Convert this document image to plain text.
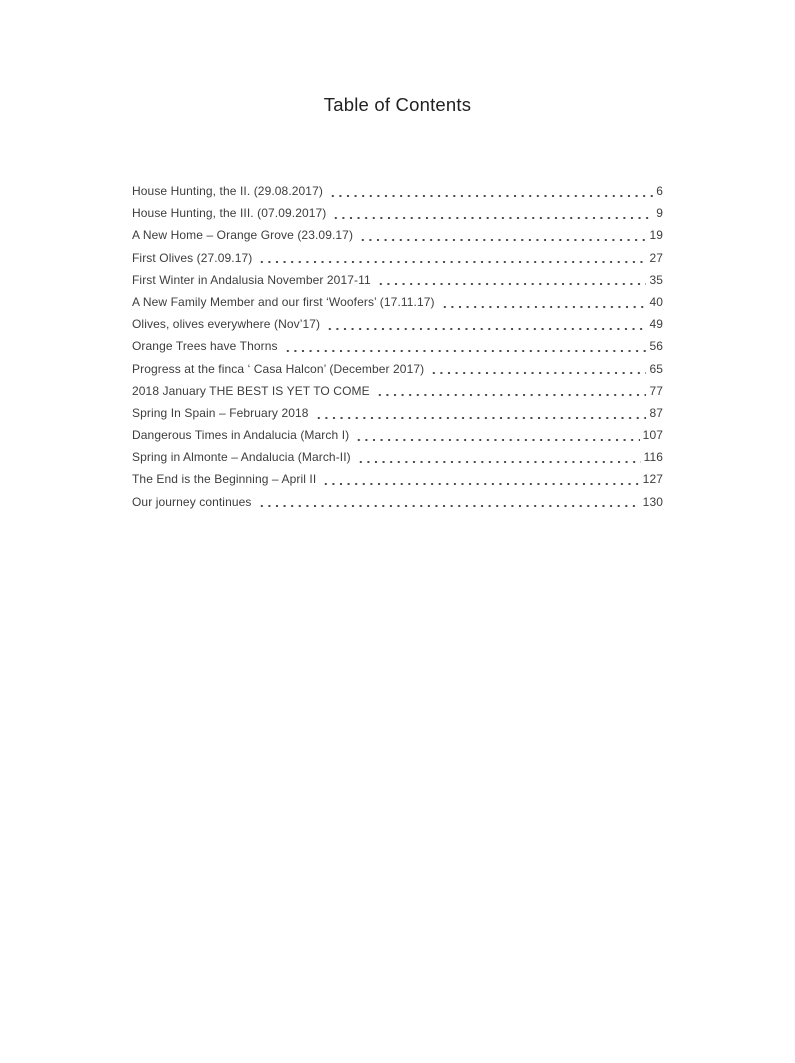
Table of Contents
House Hunting, the II. (29.08.2017)	6
House Hunting, the III. (07.09.2017)	9
A New Home – Orange Grove (23.09.17)	19
First Olives (27.09.17)	27
First Winter in Andalusia November 2017-11	35
A New Family Member and our first ‘Woofers’ (17.11.17)	40
Olives, olives everywhere (Nov’17)	49
Orange Trees have Thorns	56
Progress at the finca ‘ Casa Halcon’ (December 2017)	65
2018 January THE BEST IS YET TO COME	77
Spring In Spain – February 2018	87
Dangerous Times in Andalucia (March I)	107
Spring in Almonte – Andalucia (March-II)	116
The End is the Beginning – April II	127
Our journey continues	130
